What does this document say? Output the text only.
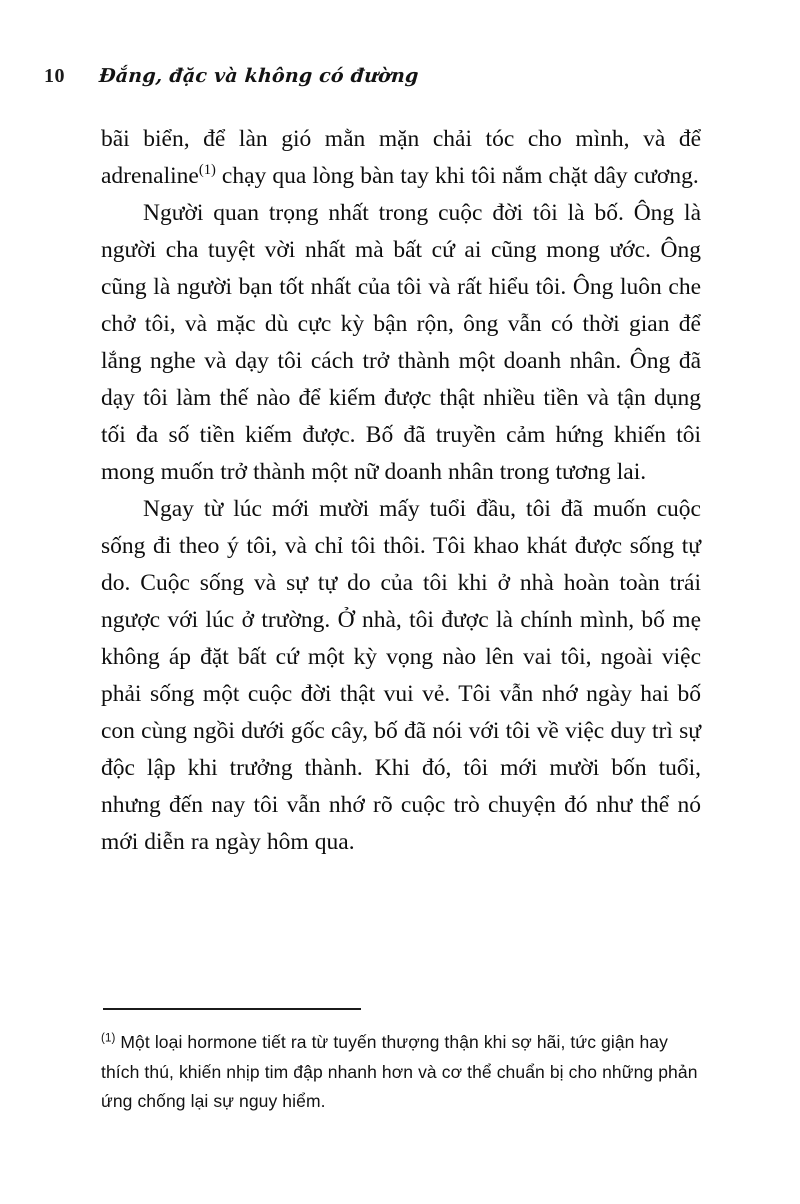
10	Đắng, đặc và không có đường

bãi biển, để làn gió mằn mặn chải tóc cho mình, và để adrenaline$^{(1)}$ chạy qua lòng bàn tay khi tôi nắm chặt dây cương.

Người quan trọng nhất trong cuộc đời tôi là bố. Ông là người cha tuyệt vời nhất mà bất cứ ai cũng mong ước. Ông cũng là người bạn tốt nhất của tôi và rất hiểu tôi. Ông luôn che chở tôi, và mặc dù cực kỳ bận rộn, ông vẫn có thời gian để lắng nghe và dạy tôi cách trở thành một doanh nhân. Ông đã dạy tôi làm thế nào để kiếm được thật nhiều tiền và tận dụng tối đa số tiền kiếm được. Bố đã truyền cảm hứng khiến tôi mong muốn trở thành một nữ doanh nhân trong tương lai.

Ngay từ lúc mới mười mấy tuổi đầu, tôi đã muốn cuộc sống đi theo ý tôi, và chỉ tôi thôi. Tôi khao khát được sống tự do. Cuộc sống và sự tự do của tôi khi ở nhà hoàn toàn trái ngược với lúc ở trường. Ở nhà, tôi được là chính mình, bố mẹ không áp đặt bất cứ một kỳ vọng nào lên vai tôi, ngoài việc phải sống một cuộc đời thật vui vẻ. Tôi vẫn nhớ ngày hai bố con cùng ngồi dưới gốc cây, bố đã nói với tôi về việc duy trì sự độc lập khi trưởng thành. Khi đó, tôi mới mười bốn tuổi, nhưng đến nay tôi vẫn nhớ rõ cuộc trò chuyện đó như thể nó mới diễn ra ngày hôm qua.

$^{(1)}$ Một loại hormone tiết ra từ tuyến thượng thận khi sợ hãi, tức giận hay thích thú, khiến nhịp tim đập nhanh hơn và cơ thể chuẩn bị cho những phản ứng chống lại sự nguy hiểm.
